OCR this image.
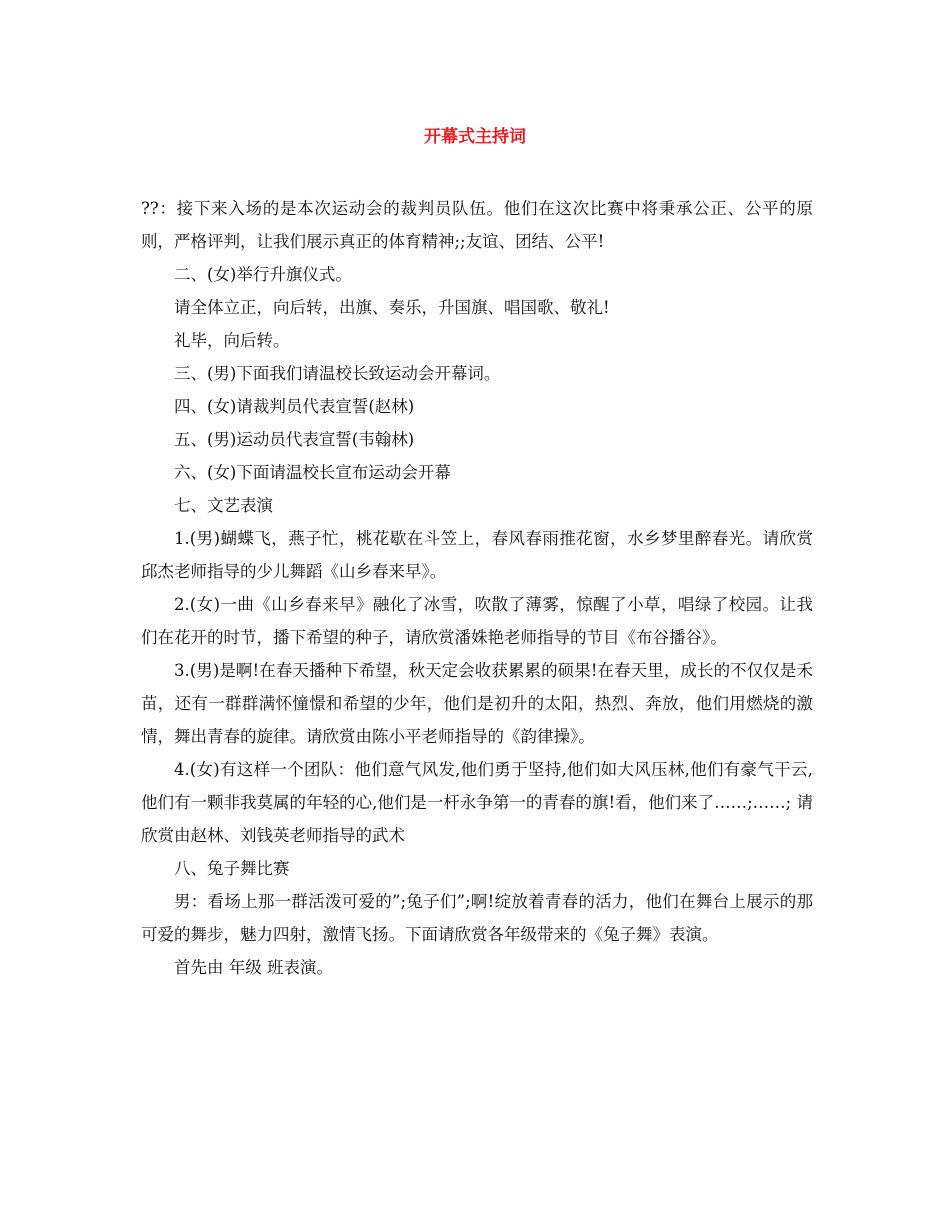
开幕式主持词

??：接下来入场的是本次运动会的裁判员队伍。他们在这次比赛中将秉承公正、公平的原则，严格评判，让我们展示真正的体育精神;;友谊、团结、公平!

二、(女)举行升旗仪式。

请全体立正，向后转，出旗、奏乐，升国旗、唱国歌、敬礼!

礼毕，向后转。

三、(男)下面我们请温校长致运动会开幕词。

四、(女)请裁判员代表宣誓(赵林)

五、(男)运动员代表宣誓(韦翰林)

六、(女)下面请温校长宣布运动会开幕

七、文艺表演

1.(男)蝴蝶飞，燕子忙，桃花歇在斗笠上，春风春雨推花窗，水乡梦里醉春光。请欣赏邱杰老师指导的少儿舞蹈《山乡春来早》。

2.(女)一曲《山乡春来早》融化了冰雪，吹散了薄雾，惊醒了小草，唱绿了校园。让我们在花开的时节，播下希望的种子，请欣赏潘姝艳老师指导的节目《布谷播谷》。

3.(男)是啊!在春天播种下希望，秋天定会收获累累的硕果!在春天里，成长的不仅仅是禾苗，还有一群群满怀憧憬和希望的少年，他们是初升的太阳，热烈、奔放，他们用燃烧的激情，舞出青春的旋律。请欣赏由陈小平老师指导的《韵律操》。

4.(女)有这样一个团队：他们意气风发,他们勇于坚持,他们如大风压林,他们有豪气干云,他们有一颗非我莫属的年轻的心,他们是一杆永争第一的青春的旗!看，他们来了……;……; 请欣赏由赵林、刘钱英老师指导的武术

八、兔子舞比赛

男：看场上那一群活泼可爱的”;兔子们”;啊!绽放着青春的活力，他们在舞台上展示的那可爱的舞步，魅力四射，激情飞扬。下面请欣赏各年级带来的《兔子舞》表演。

首先由 年级 班表演。
